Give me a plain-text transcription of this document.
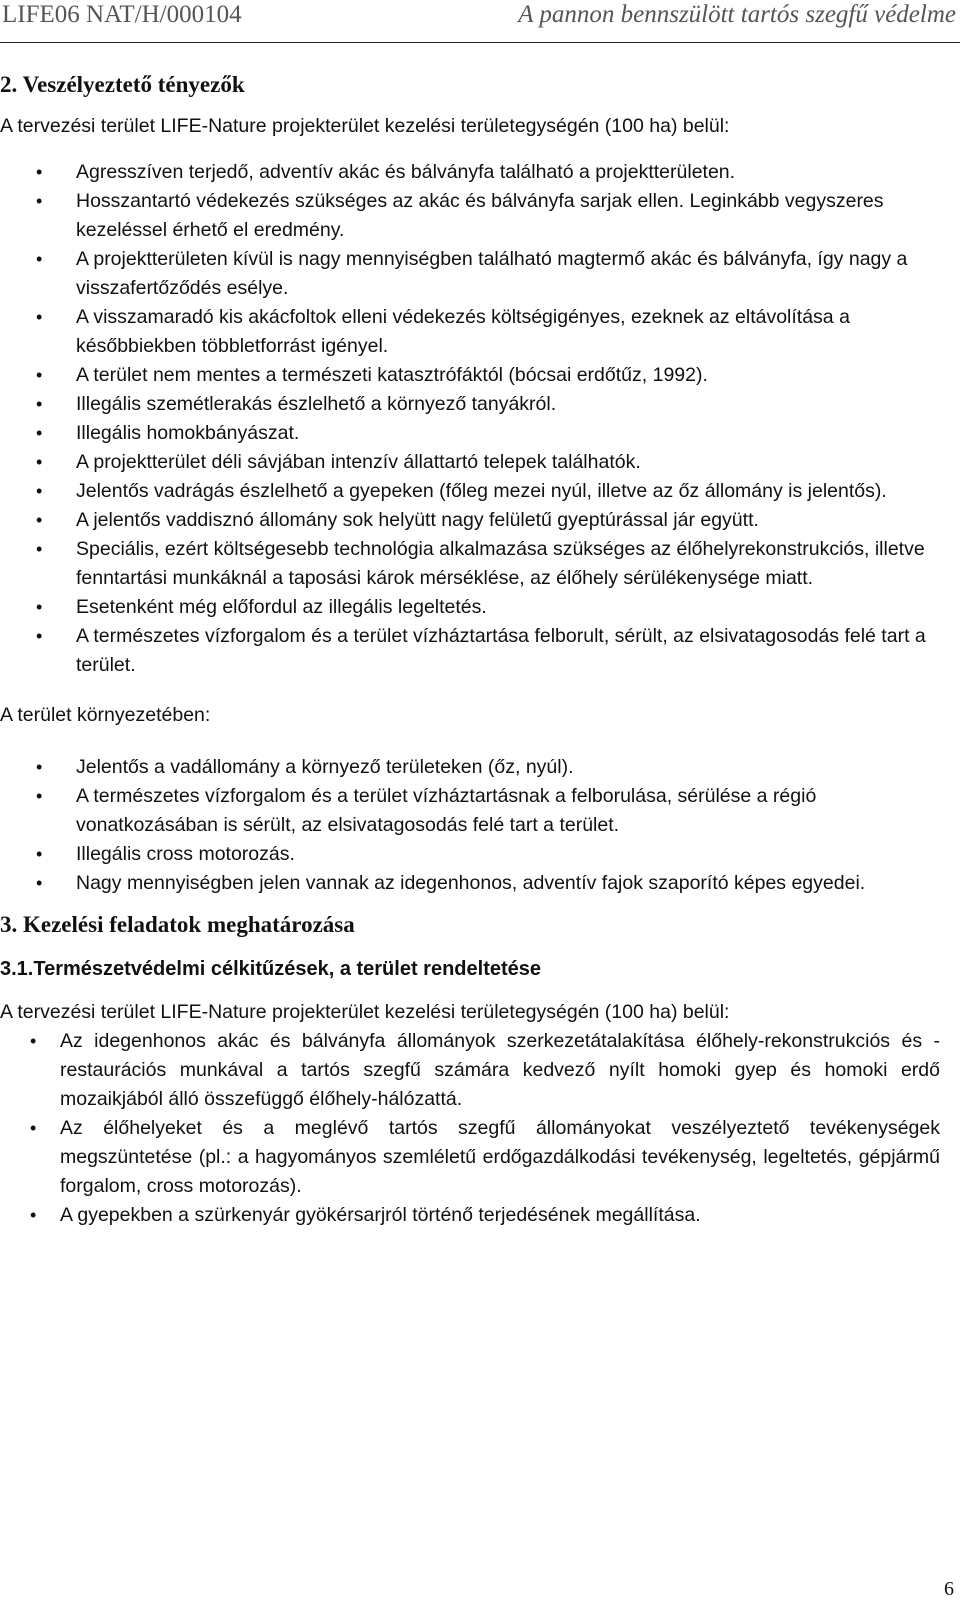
LIFE06 NAT/H/000104	A pannon bennszülött tartós szegfű védelme
2. Veszélyeztető tényezők

A tervezési terület LIFE-Nature projekterület kezelési területegységén (100 ha) belül:

• Agresszíven terjedő, adventív akác és bálványfa található a projektterületen.
• Hosszantartó védekezés szükséges az akác és bálványfa sarjak ellen. Leginkább vegyszeres kezeléssel érhető el eredmény.
• A projektterületen kívül is nagy mennyiségben található magtermő akác és bálványfa, így nagy a visszafertőződés esélye.
• A visszamaradó kis akácfoltok elleni védekezés költségigényes, ezeknek az eltávolítása a későbbiekben többletforrást igényel.
• A terület nem mentes a természeti katasztrófáktól (bócsai erdőtűz, 1992).
• Illegális szemétlerakás észlelhető a környező tanyákról.
• Illegális homokbányászat.
• A projektterület déli sávjában intenzív állattartó telepek találhatók.
• Jelentős vadrágás észlelhető a gyepeken (főleg mezei nyúl, illetve az őz állomány is jelentős).
• A jelentős vaddisznó állomány sok helyütt nagy felületű gyeptúrással jár együtt.
• Speciális, ezért költségesebb technológia alkalmazása szükséges az élőhelyrekonstrukciós, illetve fenntartási munkáknál a taposási károk mérséklése, az élőhely sérülékenysége miatt.
• Esetenként még előfordul az illegális legeltetés.
• A természetes vízforgalom és a terület vízháztartása felborult, sérült, az elsivatagosodás felé tart a terület.

A terület környezetében:

• Jelentős a vadállomány a környező területeken (őz, nyúl).
• A természetes vízforgalom és a terület vízháztartásnak a felborulása, sérülése a régió vonatkozásában is sérült, az elsivatagosodás felé tart a terület.
• Illegális cross motorozás.
• Nagy mennyiségben jelen vannak az idegenhonos, adventív fajok szaporító képes egyedei.
3. Kezelési feladatok meghatározása
3.1.Természetvédelmi célkitűzések, a terület rendeltetése

A tervezési terület LIFE-Nature projekterület kezelési területegységén (100 ha) belül:

• Az idegenhonos akác és bálványfa állományok szerkezetátalakítása élőhely-rekonstrukciós és -restaurációs munkával a tartós szegfű számára kedvező nyílt homoki gyep és homoki erdő mozaikjából álló összefüggő élőhely-hálózattá.
• Az élőhelyeket és a meglévő tartós szegfű állományokat veszélyeztető tevékenységek megszüntetése (pl.: a hagyományos szemléletű erdőgazdálkodási tevékenység, legeltetés, gépjármű forgalom, cross motorozás).
• A gyepekben a szürkenyár gyökérsarjról történő terjedésének megállítása.
6
